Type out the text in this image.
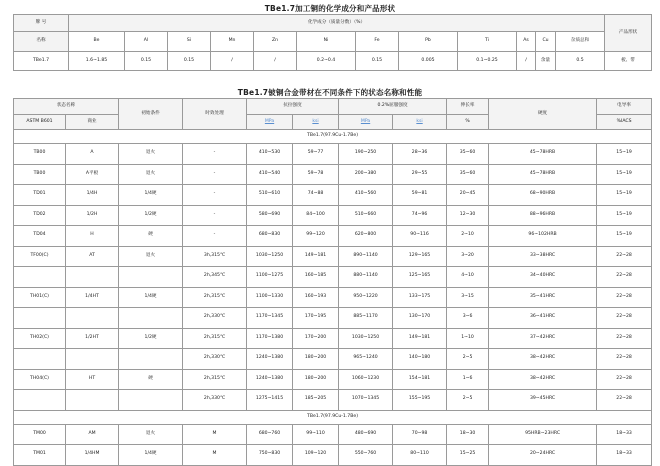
TBe1.7加工铜的化学成分和产品形状
牌 号	化学成分（质量分数）（%）												产品形状
名称	Be	Al	Si	Mn	Zn	Ni	Fe	Pb	Ti	As	Cu	杂质总和	
TBe1.7	1.6~1.85	0.15	0.15	/	/	0.2~0.4	0.15	0.005	0.1~0.25	/	余量	0.5	板、带
TBe1.7铍铜合金带材在不同条件下的状态名称和性能
状态名称		初始条件	时效处理	抗拉强度		0.2%屈服强度		伸长率	硬度	电导率
ASTM B601	商业			MPa	ksi	MPa	ksi	%		%IACS
TBe1.7(97.9Cu-1.7Be)										
TB00	A	退火	-	410~530	59~77	190~250	28~36	35~60	45~78HRB	15~19
TB00	A平板	退火	-	410~540	59~78	200~380	29~55	35~60	45~78HRB	15~19
TD01	1/4H	1/4硬	-	510~610	74~88	410~560	59~81	20~45	68~90HRB	15~19
TD02	1/2H	1/2硬	-	580~690	84~100	510~660	74~96	12~30	88~96HRB	15~19
TD04	H	硬	-	680~830	99~120	620~800	90~116	2~10	96~102HRB	15~19
TF00(C)	AT	退火	3h,315℃	1030~1250	149~181	890~1140	129~165	3~20	33~38HRC	22~28
			2h,345℃	1100~1275	160~185	880~1140	125~165	4~10	34~40HRC	22~28
TH01(C)	1/4HT	1/4硬	2h,315℃	1100~1330	160~193	950~1220	133~175	3~15	35~41HRC	22~28
			2h,330℃	1170~1345	170~195	885~1170	130~170	3~6	36~41HRC	22~28
TH02(C)	1/2HT	1/2硬	2h,315℃	1170~1380	170~200	1030~1250	149~181	1~10	37~42HRC	22~28
			2h,330℃	1240~1380	180~200	965~1240	140~180	2~5	38~42HRC	22~28
TH04(C)	HT	硬	2h,315℃	1240~1380	180~200	1060~1230	154~181	1~6	38~42HRC	22~28
			2h,330℃	1275~1415	185~205	1070~1345	155~195	2~5	39~45HRC	22~28
TBe1.7(97.9Cu-1.7Be)										
TM00	AM	退火	M	680~760	99~110	480~690	70~98	18~30	95HRB~23HRC	18~33
TM01	1/4HM	1/4硬	M	750~830	109~120	550~760	80~110	15~25	20~24HRC	18~33
